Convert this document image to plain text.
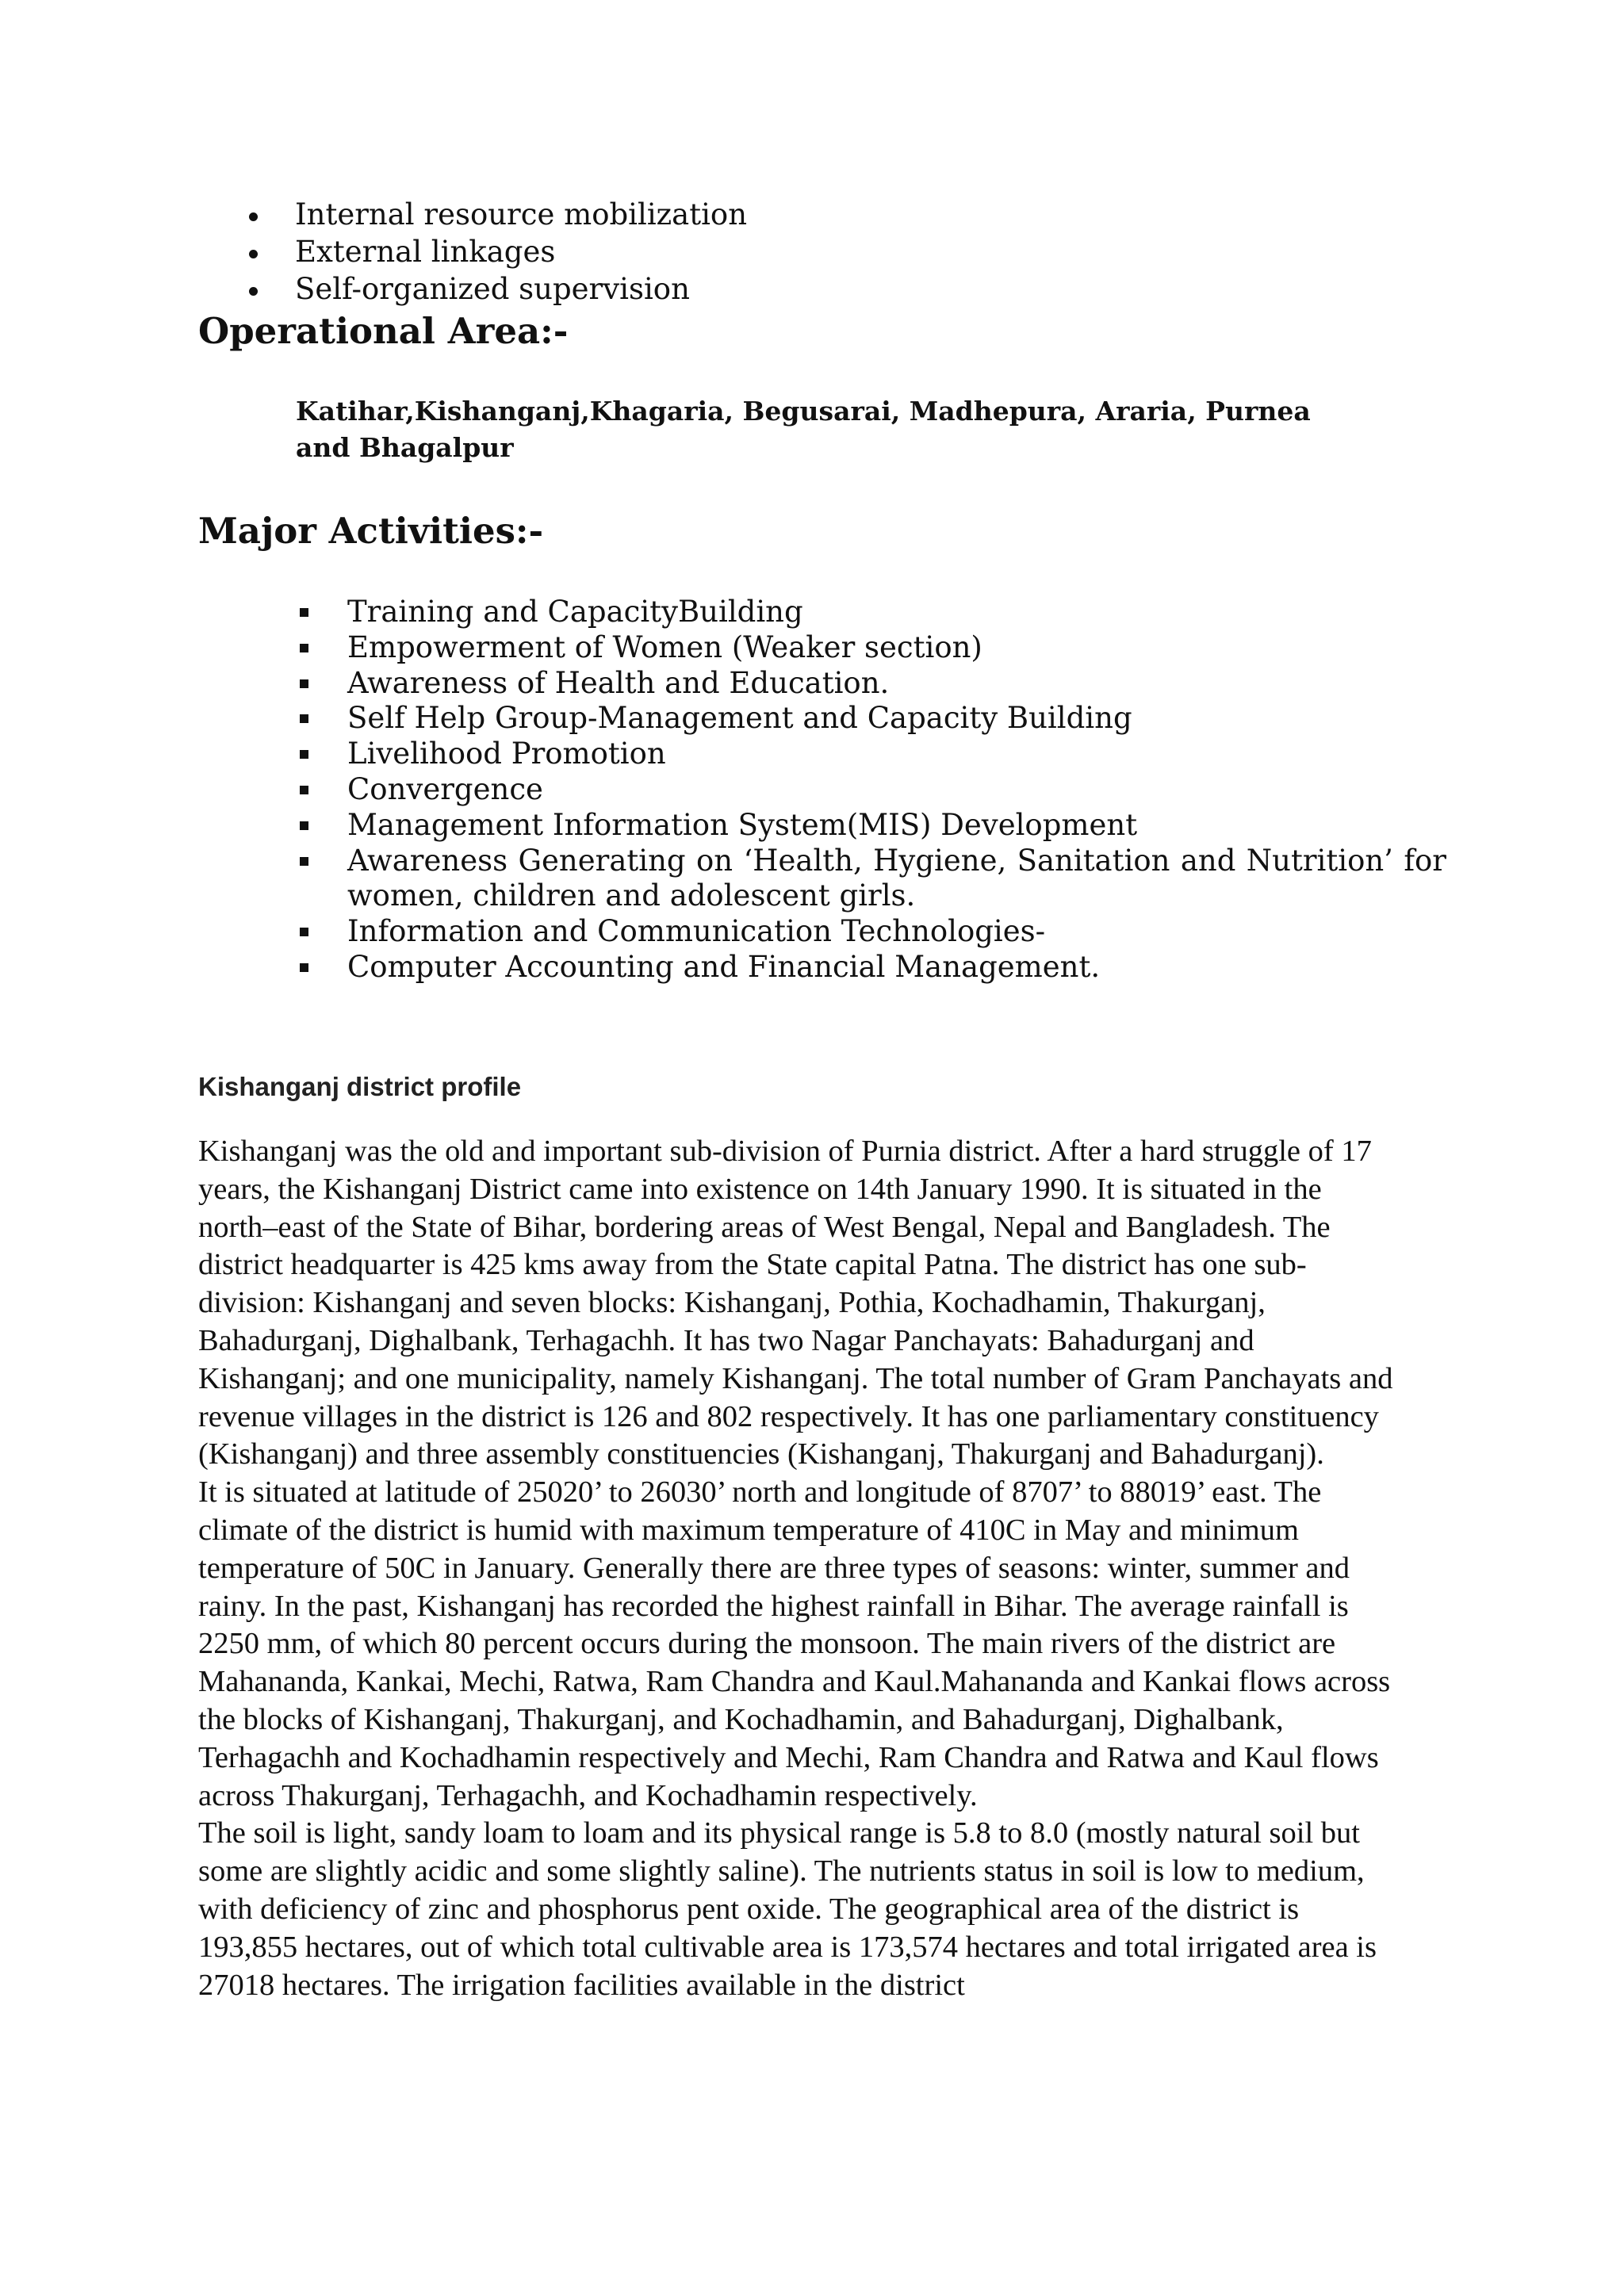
Internal resource mobilization
External linkages
Self-organized supervision
Operational Area:-

Katihar,Kishanganj,Khagaria, Begusarai, Madhepura, Araria, Purnea and Bhagalpur

Major Activities:-
Training and CapacityBuilding
Empowerment of Women (Weaker section)
Awareness of Health and Education.
Self Help Group-Management and Capacity Building
Livelihood Promotion
Convergence
Management Information System(MIS) Development
Awareness Generating on ‘Health, Hygiene, Sanitation and Nutrition’ for women, children and adolescent girls.
Information and Communication Technologies-
Computer Accounting and Financial Management.
Kishanganj district profile

Kishanganj was the old and important sub-division of Purnia district. After a hard struggle of 17 years, the Kishanganj District came into existence on 14th January 1990. It is situated in the north–east of the State of Bihar, bordering areas of West Bengal, Nepal and Bangladesh. The district headquarter is 425 kms away from the State capital Patna. The district has one sub-division: Kishanganj and seven blocks: Kishanganj, Pothia, Kochadhamin, Thakurganj, Bahadurganj, Dighalbank, Terhagachh. It has two Nagar Panchayats: Bahadurganj and Kishanganj; and one municipality, namely Kishanganj. The total number of Gram Panchayats and revenue villages in the district is 126 and 802 respectively. It has one parliamentary constituency (Kishanganj) and three assembly constituencies (Kishanganj, Thakurganj and Bahadurganj).

It is situated at latitude of 25020’ to 26030’ north and longitude of 8707’ to 88019’ east. The climate of the district is humid with maximum temperature of 410C in May and minimum temperature of 50C in January. Generally there are three types of seasons: winter, summer and rainy. In the past, Kishanganj has recorded the highest rainfall in Bihar. The average rainfall is 2250 mm, of which 80 percent occurs during the monsoon. The main rivers of the district are Mahananda, Kankai, Mechi, Ratwa, Ram Chandra and Kaul.Mahananda and Kankai flows across the blocks of Kishanganj, Thakurganj, and Kochadhamin, and Bahadurganj, Dighalbank, Terhagachh and Kochadhamin respectively and Mechi, Ram Chandra and Ratwa and Kaul flows across Thakurganj, Terhagachh, and Kochadhamin respectively.

The soil is light, sandy loam to loam and its physical range is 5.8 to 8.0 (mostly natural soil but some are slightly acidic and some slightly saline). The nutrients status in soil is low to medium, with deficiency of zinc and phosphorus pent oxide. The geographical area of the district is 193,855 hectares, out of which total cultivable area is 173,574 hectares and total irrigated area is 27018 hectares. The irrigation facilities available in the district
